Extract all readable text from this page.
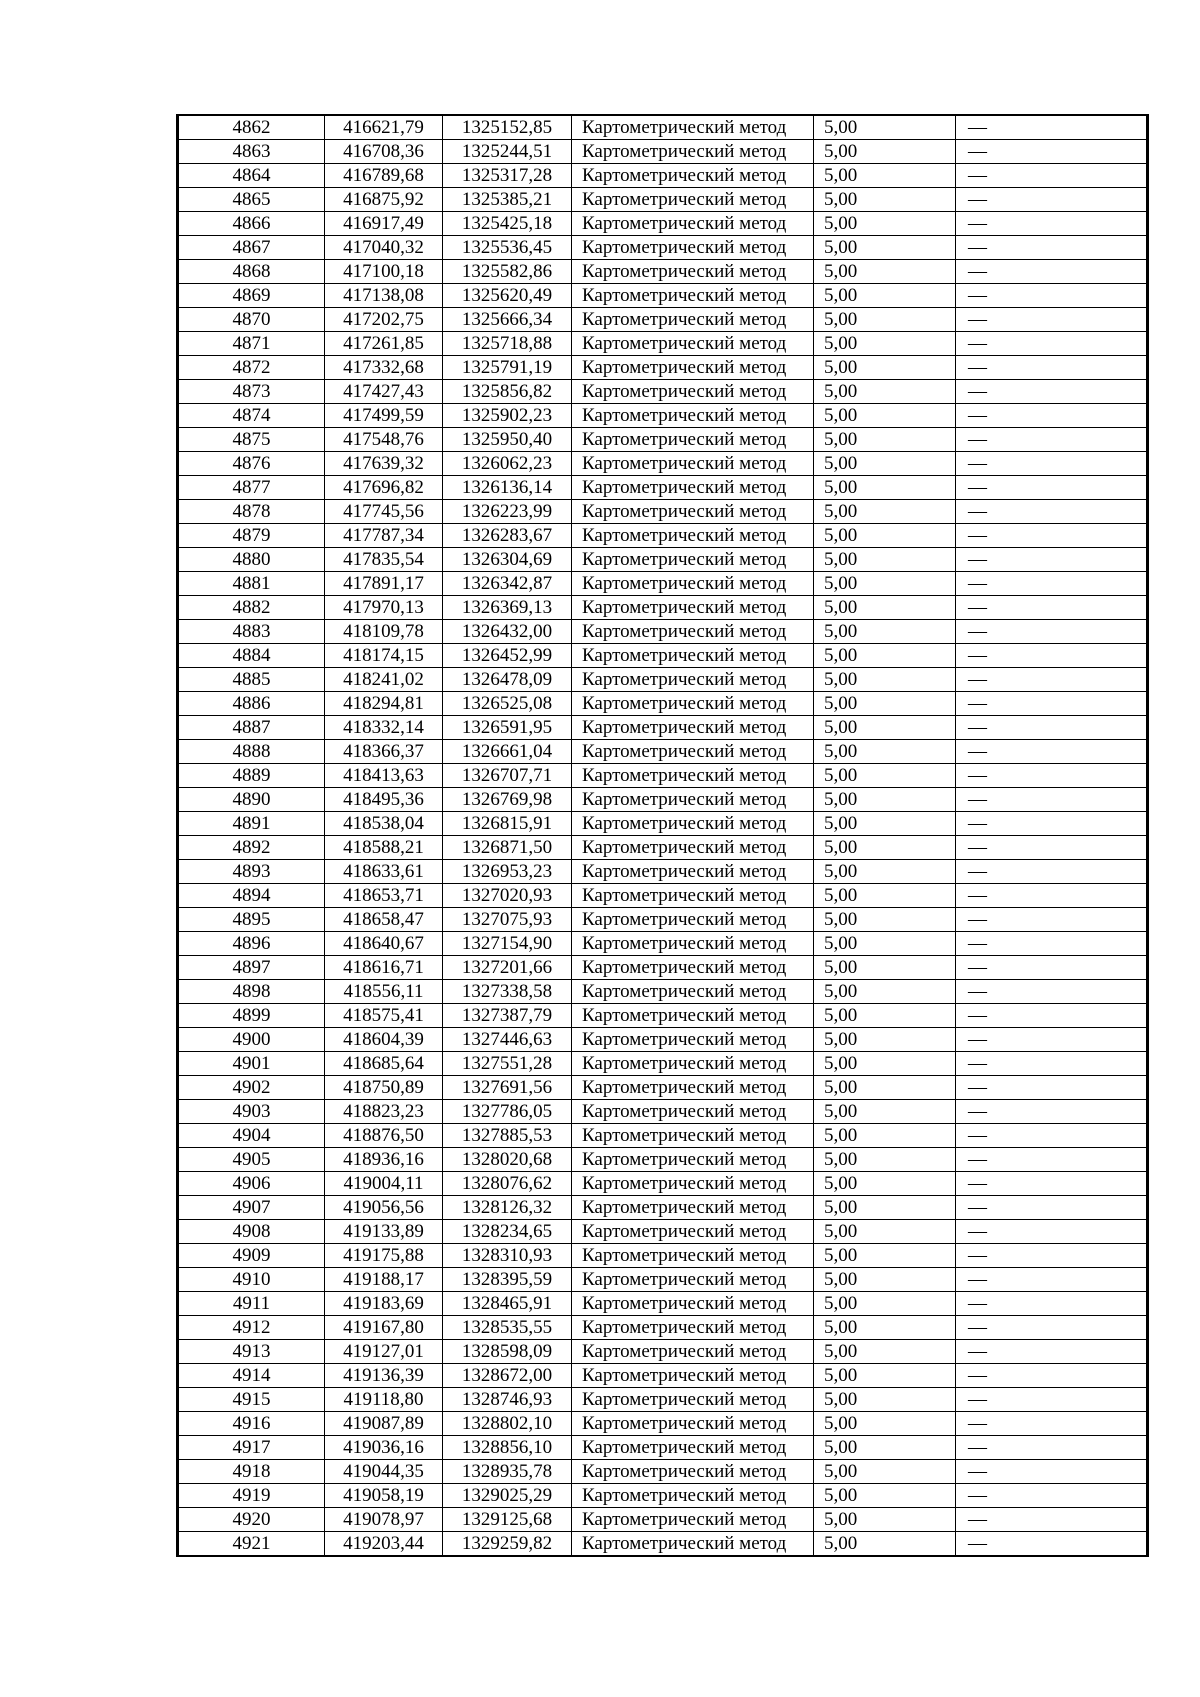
4862	416621,79	1325152,85	Картометрический метод	5,00	—
4863	416708,36	1325244,51	Картометрический метод	5,00	—
4864	416789,68	1325317,28	Картометрический метод	5,00	—
4865	416875,92	1325385,21	Картометрический метод	5,00	—
4866	416917,49	1325425,18	Картометрический метод	5,00	—
4867	417040,32	1325536,45	Картометрический метод	5,00	—
4868	417100,18	1325582,86	Картометрический метод	5,00	—
4869	417138,08	1325620,49	Картометрический метод	5,00	—
4870	417202,75	1325666,34	Картометрический метод	5,00	—
4871	417261,85	1325718,88	Картометрический метод	5,00	—
4872	417332,68	1325791,19	Картометрический метод	5,00	—
4873	417427,43	1325856,82	Картометрический метод	5,00	—
4874	417499,59	1325902,23	Картометрический метод	5,00	—
4875	417548,76	1325950,40	Картометрический метод	5,00	—
4876	417639,32	1326062,23	Картометрический метод	5,00	—
4877	417696,82	1326136,14	Картометрический метод	5,00	—
4878	417745,56	1326223,99	Картометрический метод	5,00	—
4879	417787,34	1326283,67	Картометрический метод	5,00	—
4880	417835,54	1326304,69	Картометрический метод	5,00	—
4881	417891,17	1326342,87	Картометрический метод	5,00	—
4882	417970,13	1326369,13	Картометрический метод	5,00	—
4883	418109,78	1326432,00	Картометрический метод	5,00	—
4884	418174,15	1326452,99	Картометрический метод	5,00	—
4885	418241,02	1326478,09	Картометрический метод	5,00	—
4886	418294,81	1326525,08	Картометрический метод	5,00	—
4887	418332,14	1326591,95	Картометрический метод	5,00	—
4888	418366,37	1326661,04	Картометрический метод	5,00	—
4889	418413,63	1326707,71	Картометрический метод	5,00	—
4890	418495,36	1326769,98	Картометрический метод	5,00	—
4891	418538,04	1326815,91	Картометрический метод	5,00	—
4892	418588,21	1326871,50	Картометрический метод	5,00	—
4893	418633,61	1326953,23	Картометрический метод	5,00	—
4894	418653,71	1327020,93	Картометрический метод	5,00	—
4895	418658,47	1327075,93	Картометрический метод	5,00	—
4896	418640,67	1327154,90	Картометрический метод	5,00	—
4897	418616,71	1327201,66	Картометрический метод	5,00	—
4898	418556,11	1327338,58	Картометрический метод	5,00	—
4899	418575,41	1327387,79	Картометрический метод	5,00	—
4900	418604,39	1327446,63	Картометрический метод	5,00	—
4901	418685,64	1327551,28	Картометрический метод	5,00	—
4902	418750,89	1327691,56	Картометрический метод	5,00	—
4903	418823,23	1327786,05	Картометрический метод	5,00	—
4904	418876,50	1327885,53	Картометрический метод	5,00	—
4905	418936,16	1328020,68	Картометрический метод	5,00	—
4906	419004,11	1328076,62	Картометрический метод	5,00	—
4907	419056,56	1328126,32	Картометрический метод	5,00	—
4908	419133,89	1328234,65	Картометрический метод	5,00	—
4909	419175,88	1328310,93	Картометрический метод	5,00	—
4910	419188,17	1328395,59	Картометрический метод	5,00	—
4911	419183,69	1328465,91	Картометрический метод	5,00	—
4912	419167,80	1328535,55	Картометрический метод	5,00	—
4913	419127,01	1328598,09	Картометрический метод	5,00	—
4914	419136,39	1328672,00	Картометрический метод	5,00	—
4915	419118,80	1328746,93	Картометрический метод	5,00	—
4916	419087,89	1328802,10	Картометрический метод	5,00	—
4917	419036,16	1328856,10	Картометрический метод	5,00	—
4918	419044,35	1328935,78	Картометрический метод	5,00	—
4919	419058,19	1329025,29	Картометрический метод	5,00	—
4920	419078,97	1329125,68	Картометрический метод	5,00	—
4921	419203,44	1329259,82	Картометрический метод	5,00	—
